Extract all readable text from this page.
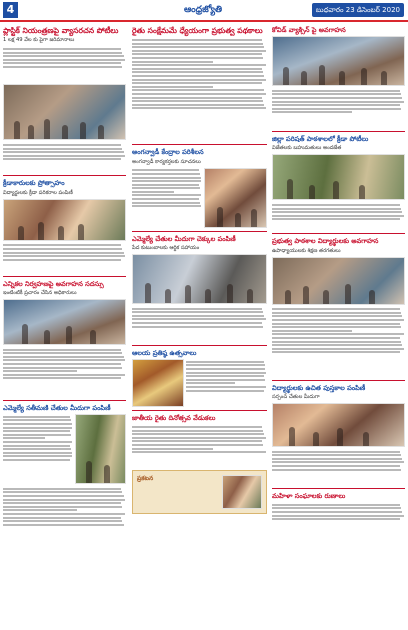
4	ఆంధ్రజ్యోతి	బుధవారం 23 డిసెంబర్ 2020
ప్లాస్టిక్ నియంత్రణపై వ్యాసరచన పోటీలు
1 లక్ష 49 వేల కు పైగా జరిమానాలు
క్రీడాకారులకు ప్రోత్సాహం
విద్యార్థులకు క్రీడా పరికరాల పంపిణీ
ఎన్నికల నిర్వహణపై అవగాహన సదస్సు
ఇంటింటికీ ప్రచారం చేసిన అధికారులు
ఎమ్మెల్యే సతీమణి చేతుల మీదుగా పంపిణీ
రైతు సంక్షేమమే ధ్యేయంగా ప్రభుత్వ పథకాలు
అంగన్వాడీ కేంద్రాల పరిశీలన
అంగన్వాడీ కార్యకర్తలకు సూచనలు
ఎమ్మెల్యే చేతుల మీదుగా చెక్కుల పంపిణీ
పేద కుటుంబాలకు ఆర్థిక సహాయం
ఆలయ ప్రతిష్ఠ ఉత్సవాలు
జాతీయ రైతు దినోత్సవ వేడుకలు
ప్రకటన
కోవిడ్ వ్యాక్సిన్ పై అవగాహన
జిల్లా పరిషత్ పాఠశాలలో క్రీడా పోటీలు
విజేతలకు బహుమతులు అందజేత
ప్రభుత్వ పాఠశాల విద్యార్థులకు అవగాహన
ఉపాధ్యాయులకు శిక్షణ తరగతులు
విద్యార్థులకు ఉచిత పుస్తకాల పంపిణీ
సర్పంచ్ చేతుల మీదుగా
మహిళా సంఘాలకు రుణాలు
